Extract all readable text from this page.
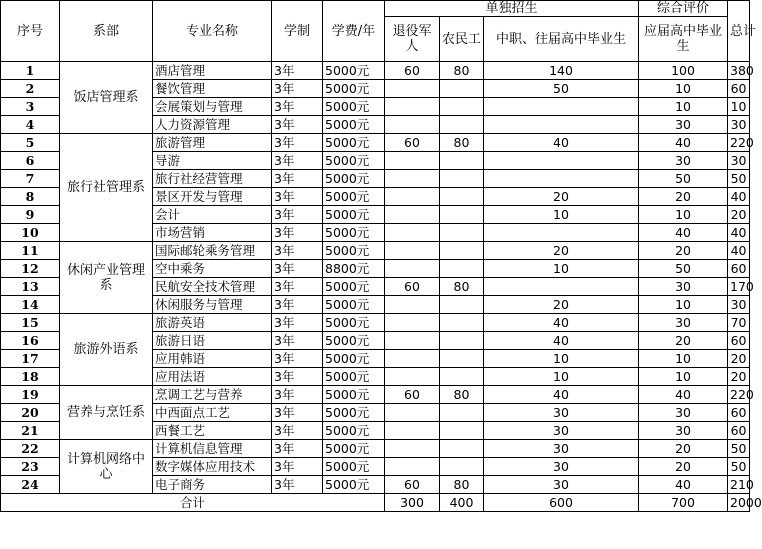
序号	系部	专业名称	学制	学费/年	单独招生			综合评价	总计
					退役军人	农民工	中职、往届高中毕业生	应届高中毕业生	
1	饭店管理系	酒店管理	3年	5000元	60	80	140	100	380
2		餐饮管理	3年	5000元			50	10	60
3		会展策划与管理	3年	5000元				10	10
4		人力资源管理	3年	5000元				30	30
5	旅行社管理系	旅游管理	3年	5000元	60	80	40	40	220
6		导游	3年	5000元				30	30
7		旅行社经营管理	3年	5000元				50	50
8		景区开发与管理	3年	5000元			20	20	40
9		会计	3年	5000元			10	10	20
10		市场营销	3年	5000元				40	40
11	休闲产业管理系	国际邮轮乘务管理	3年	5000元			20	20	40
12		空中乘务	3年	8800元			10	50	60
13		民航安全技术管理	3年	5000元	60	80		30	170
14		休闲服务与管理	3年	5000元			20	10	30
15	旅游外语系	旅游英语	3年	5000元			40	30	70
16		旅游日语	3年	5000元			40	20	60
17		应用韩语	3年	5000元			10	10	20
18		应用法语	3年	5000元			10	10	20
19	营养与烹饪系	烹调工艺与营养	3年	5000元	60	80	40	40	220
20		中西面点工艺	3年	5000元			30	30	60
21		西餐工艺	3年	5000元			30	30	60
22	计算机网络中心	计算机信息管理	3年	5000元			30	20	50
23		数字媒体应用技术	3年	5000元			30	20	50
24		电子商务	3年	5000元	60	80	30	40	210
合计					300	400	600	700	2000
